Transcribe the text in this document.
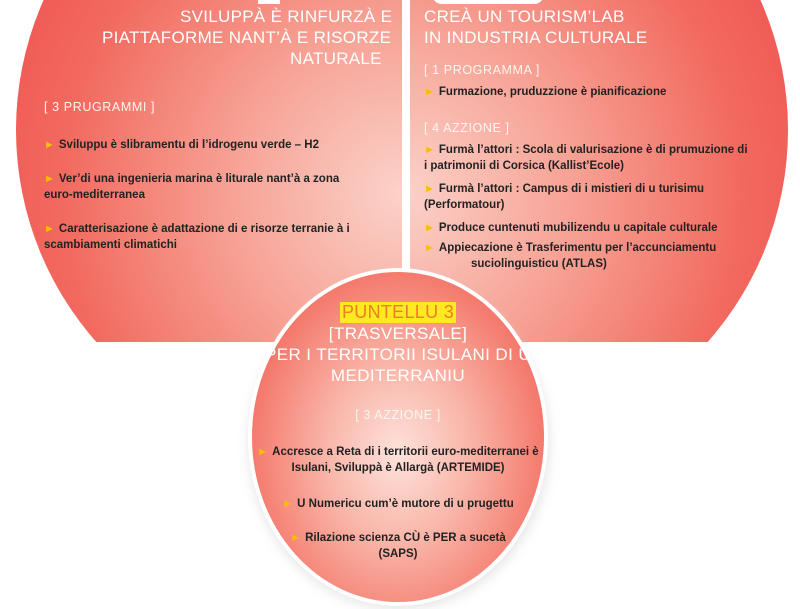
SVILUPPÀ È RINFURZÀ E
PIATTAFORME NANT’À E RISORZE
NATURALE
[ 3 PRUGRAMMI ]
► Sviluppu è slibramentu di l’idrogenu verde – H2
► Ver’di una ingenieria marina è liturale nant’à a zona
euro-mediterranea
► Caratterisazione è adattazione di e risorze terranie à i
scambiamenti climatichi
CREÀ UN TOURISM’LAB
IN INDUSTRIA CULTURALE
[ 1 PROGRAMMA ]
► Furmazione, pruduzzione è pianificazione
[ 4 AZZIONE ]
► Furmà l’attori : Scola di valurisazione è di prumuzione di
i patrimonii di Corsica (Kallist’Ecole)
► Furmà l’attori : Campus di i mistieri di u turisimu
(Performatour)
► Produce cuntenuti mubilizendu u capitale culturale
► Appiecazione è Trasferimentu per l’accunciamentu
suciolinguisticu (ATLAS)
PUNTELLU 3
[TRASVERSALE]
PER I TERRITORII ISULANI DI U
MEDITERRANIU
[ 3 AZZIONE ]
► Accresce a Reta di i territorii euro-mediterranei è
Isulani, Sviluppà è Allargà (ARTEMIDE)
► U Numericu cum’è mutore di u prugettu
► Rilazione scienza CÙ è PER a sucetà
(SAPS)
